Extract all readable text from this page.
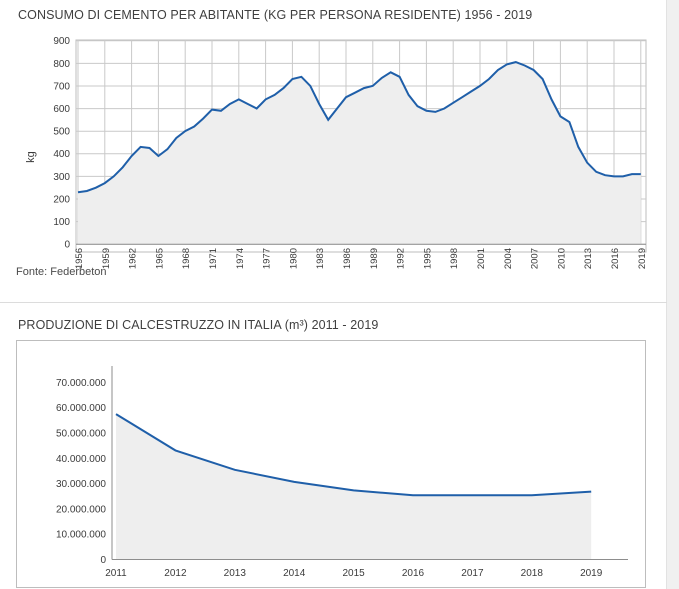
CONSUMO DI CEMENTO PER ABITANTE (KG PER PERSONA RESIDENTE) 1956 - 2019
kg
0
100
200
300
400
500
600
700
800
900
1956 1959 1962 1965 1968 1971 1974 1977 1980 1983 1986 1989 1992 1995 1998 2001 2004 2007 2010 2013 2016 2019
Fonte: Federbeton
PRODUZIONE DI CALCESTRUZZO IN ITALIA (m³) 2011 - 2019
0
10.000.000
20.000.000
30.000.000
40.000.000
50.000.000
60.000.000
70.000.000
2011	2012	2013	2014	2015	2016	2017	2018	2019
